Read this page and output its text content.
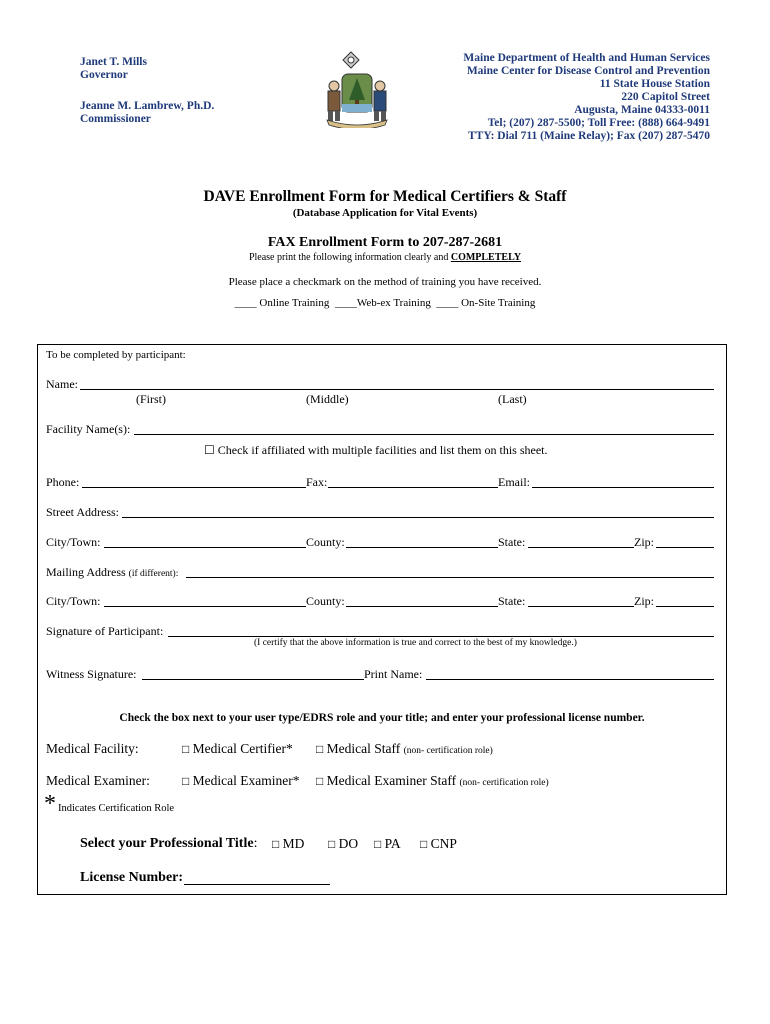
Janet T. Mills
Governor
Jeanne M. Lambrew, Ph.D.
Commissioner
Maine Department of Health and Human Services
Maine Center for Disease Control and Prevention
11 State House Station
220 Capitol Street
Augusta, Maine 04333-0011
Tel; (207) 287-5500; Toll Free: (888) 664-9491
TTY: Dial 711 (Maine Relay); Fax (207) 287-5470
DAVE Enrollment Form for Medical Certifiers & Staff
(Database Application for Vital Events)
FAX Enrollment Form to 207-287-2681
Please print the following information clearly and COMPLETELY
Please place a checkmark on the method of training you have received.
____ Online Training ____Web-ex Training ____ On-Site Training
To be completed by participant:
Name:
(First)	(Middle)	(Last)
Facility Name(s):
☐ Check if affiliated with multiple facilities and list them on this sheet.
Phone:	Fax:	Email:
Street Address:
City/Town:	County:	State:	Zip:
Mailing Address (if different):
City/Town:	County:	State:	Zip:
Signature of Participant:
(I certify that the above information is true and correct to the best of my knowledge.)
Witness Signature:	Print Name:
Check the box next to your user type/EDRS role and your title; and enter your professional license number.
Medical Facility:	□ Medical Certifier* □ Medical Staff (non- certification role)
Medical Examiner:	□ Medical Examiner* □ Medical Examiner Staff (non- certification role)
* Indicates Certification Role
Select your Professional Title: □ MD □ DO □ PA □ CNP
License Number:
